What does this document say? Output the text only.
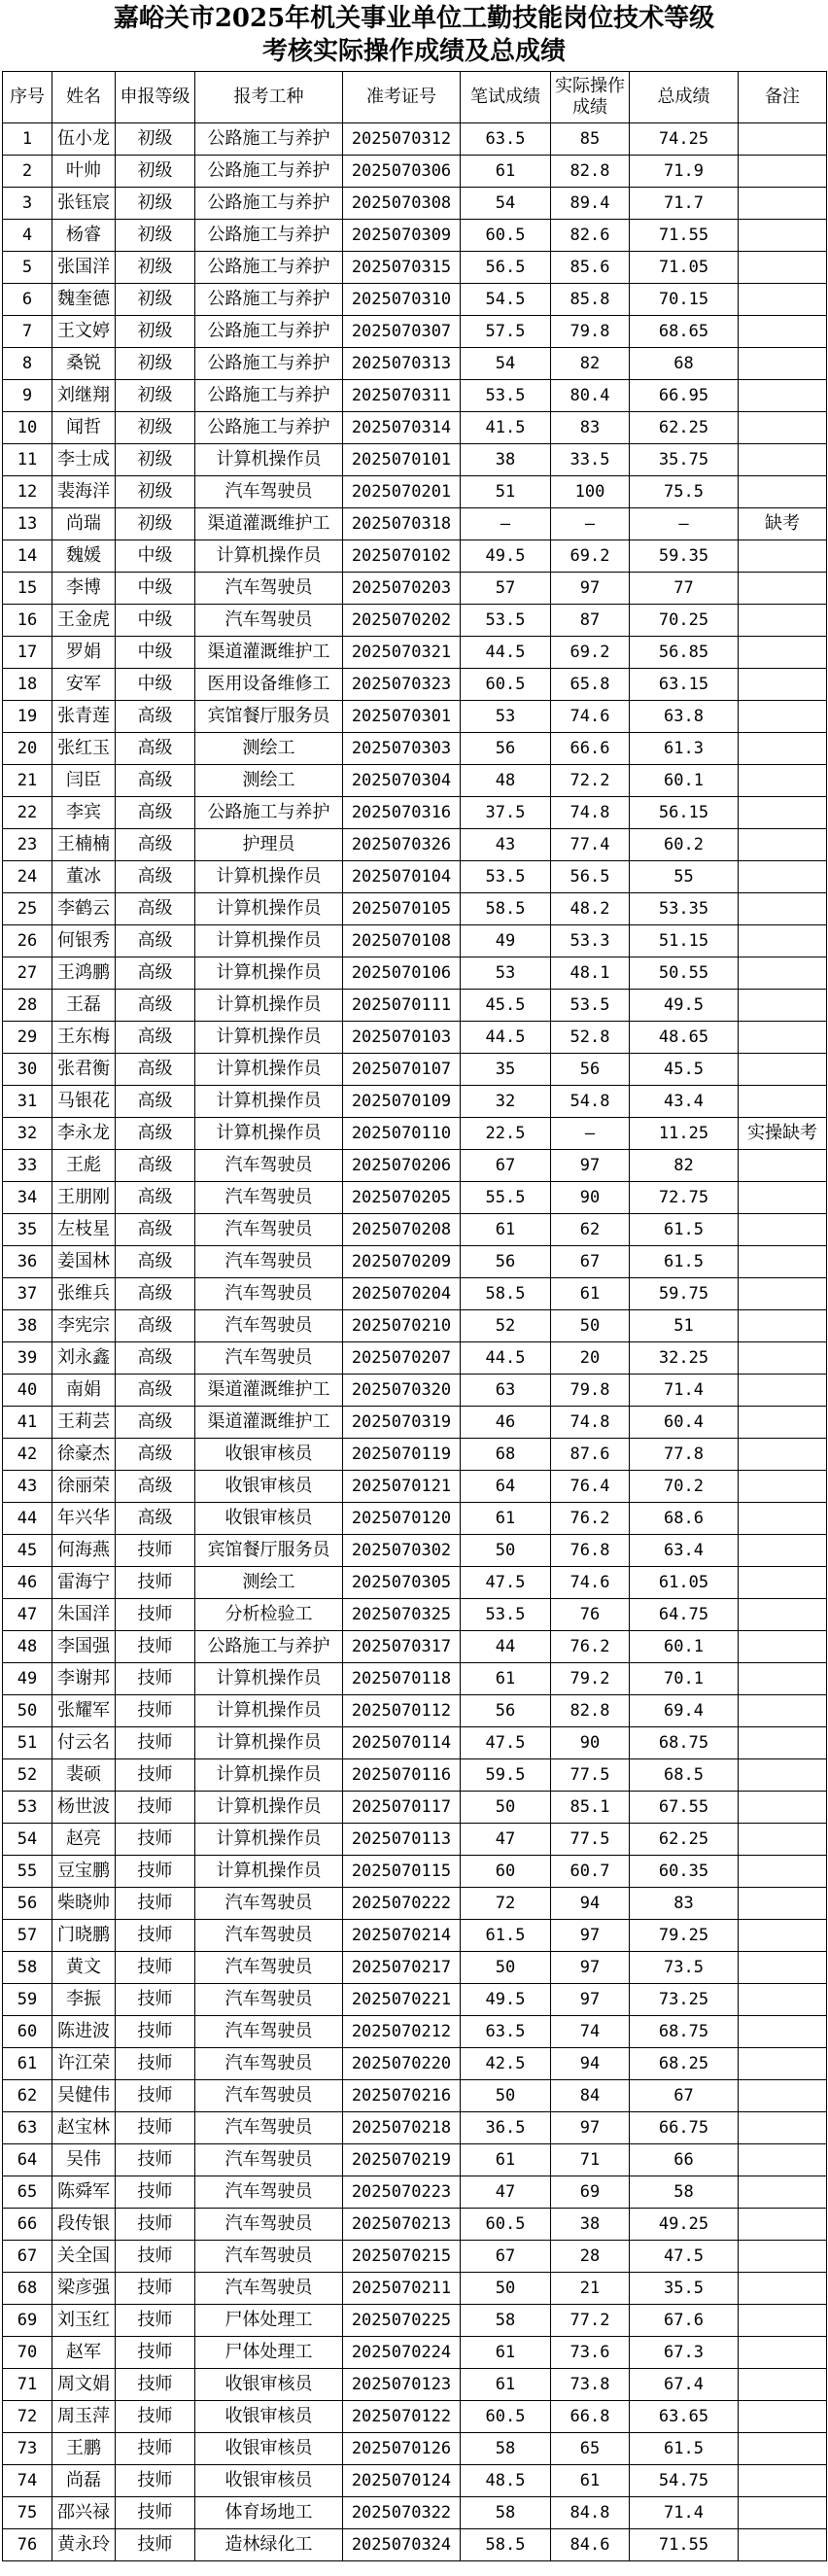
嘉峪关市2025年机关事业单位工勤技能岗位技术等级
考核实际操作成绩及总成绩
序号	姓名	申报等级	报考工种	准考证号	笔试成绩	实际操作成绩	总成绩	备注
1	伍小龙	初级	公路施工与养护	2025070312	63.5	85	74.25	
2	叶帅	初级	公路施工与养护	2025070306	61	82.8	71.9	
3	张钰宸	初级	公路施工与养护	2025070308	54	89.4	71.7	
4	杨睿	初级	公路施工与养护	2025070309	60.5	82.6	71.55	
5	张国洋	初级	公路施工与养护	2025070315	56.5	85.6	71.05	
6	魏奎德	初级	公路施工与养护	2025070310	54.5	85.8	70.15	
7	王文婷	初级	公路施工与养护	2025070307	57.5	79.8	68.65	
8	桑锐	初级	公路施工与养护	2025070313	54	82	68	
9	刘继翔	初级	公路施工与养护	2025070311	53.5	80.4	66.95	
10	闻哲	初级	公路施工与养护	2025070314	41.5	83	62.25	
11	李士成	初级	计算机操作员	2025070101	38	33.5	35.75	
12	裴海洋	初级	汽车驾驶员	2025070201	51	100	75.5	
13	尚瑞	初级	渠道灌溉维护工	2025070318	—	—	—	缺考
14	魏媛	中级	计算机操作员	2025070102	49.5	69.2	59.35	
15	李博	中级	汽车驾驶员	2025070203	57	97	77	
16	王金虎	中级	汽车驾驶员	2025070202	53.5	87	70.25	
17	罗娟	中级	渠道灌溉维护工	2025070321	44.5	69.2	56.85	
18	安军	中级	医用设备维修工	2025070323	60.5	65.8	63.15	
19	张青莲	高级	宾馆餐厅服务员	2025070301	53	74.6	63.8	
20	张红玉	高级	测绘工	2025070303	56	66.6	61.3	
21	闫臣	高级	测绘工	2025070304	48	72.2	60.1	
22	李宾	高级	公路施工与养护	2025070316	37.5	74.8	56.15	
23	王楠楠	高级	护理员	2025070326	43	77.4	60.2	
24	董冰	高级	计算机操作员	2025070104	53.5	56.5	55	
25	李鹤云	高级	计算机操作员	2025070105	58.5	48.2	53.35	
26	何银秀	高级	计算机操作员	2025070108	49	53.3	51.15	
27	王鸿鹏	高级	计算机操作员	2025070106	53	48.1	50.55	
28	王磊	高级	计算机操作员	2025070111	45.5	53.5	49.5	
29	王东梅	高级	计算机操作员	2025070103	44.5	52.8	48.65	
30	张君衡	高级	计算机操作员	2025070107	35	56	45.5	
31	马银花	高级	计算机操作员	2025070109	32	54.8	43.4	
32	李永龙	高级	计算机操作员	2025070110	22.5	—	11.25	实操缺考
33	王彪	高级	汽车驾驶员	2025070206	67	97	82	
34	王朋刚	高级	汽车驾驶员	2025070205	55.5	90	72.75	
35	左枝星	高级	汽车驾驶员	2025070208	61	62	61.5	
36	姜国林	高级	汽车驾驶员	2025070209	56	67	61.5	
37	张维兵	高级	汽车驾驶员	2025070204	58.5	61	59.75	
38	李宪宗	高级	汽车驾驶员	2025070210	52	50	51	
39	刘永鑫	高级	汽车驾驶员	2025070207	44.5	20	32.25	
40	南娟	高级	渠道灌溉维护工	2025070320	63	79.8	71.4	
41	王莉芸	高级	渠道灌溉维护工	2025070319	46	74.8	60.4	
42	徐豪杰	高级	收银审核员	2025070119	68	87.6	77.8	
43	徐丽荣	高级	收银审核员	2025070121	64	76.4	70.2	
44	年兴华	高级	收银审核员	2025070120	61	76.2	68.6	
45	何海燕	技师	宾馆餐厅服务员	2025070302	50	76.8	63.4	
46	雷海宁	技师	测绘工	2025070305	47.5	74.6	61.05	
47	朱国洋	技师	分析检验工	2025070325	53.5	76	64.75	
48	李国强	技师	公路施工与养护	2025070317	44	76.2	60.1	
49	李谢邦	技师	计算机操作员	2025070118	61	79.2	70.1	
50	张耀军	技师	计算机操作员	2025070112	56	82.8	69.4	
51	付云名	技师	计算机操作员	2025070114	47.5	90	68.75	
52	裴硕	技师	计算机操作员	2025070116	59.5	77.5	68.5	
53	杨世波	技师	计算机操作员	2025070117	50	85.1	67.55	
54	赵亮	技师	计算机操作员	2025070113	47	77.5	62.25	
55	豆宝鹏	技师	计算机操作员	2025070115	60	60.7	60.35	
56	柴晓帅	技师	汽车驾驶员	2025070222	72	94	83	
57	门晓鹏	技师	汽车驾驶员	2025070214	61.5	97	79.25	
58	黄文	技师	汽车驾驶员	2025070217	50	97	73.5	
59	李振	技师	汽车驾驶员	2025070221	49.5	97	73.25	
60	陈进波	技师	汽车驾驶员	2025070212	63.5	74	68.75	
61	许江荣	技师	汽车驾驶员	2025070220	42.5	94	68.25	
62	吴健伟	技师	汽车驾驶员	2025070216	50	84	67	
63	赵宝林	技师	汽车驾驶员	2025070218	36.5	97	66.75	
64	吴伟	技师	汽车驾驶员	2025070219	61	71	66	
65	陈舜军	技师	汽车驾驶员	2025070223	47	69	58	
66	段传银	技师	汽车驾驶员	2025070213	60.5	38	49.25	
67	关全国	技师	汽车驾驶员	2025070215	67	28	47.5	
68	梁彦强	技师	汽车驾驶员	2025070211	50	21	35.5	
69	刘玉红	技师	尸体处理工	2025070225	58	77.2	67.6	
70	赵军	技师	尸体处理工	2025070224	61	73.6	67.3	
71	周文娟	技师	收银审核员	2025070123	61	73.8	67.4	
72	周玉萍	技师	收银审核员	2025070122	60.5	66.8	63.65	
73	王鹏	技师	收银审核员	2025070126	58	65	61.5	
74	尚磊	技师	收银审核员	2025070124	48.5	61	54.75	
75	邵兴禄	技师	体育场地工	2025070322	58	84.8	71.4	
76	黄永玲	技师	造林绿化工	2025070324	58.5	84.6	71.55	
